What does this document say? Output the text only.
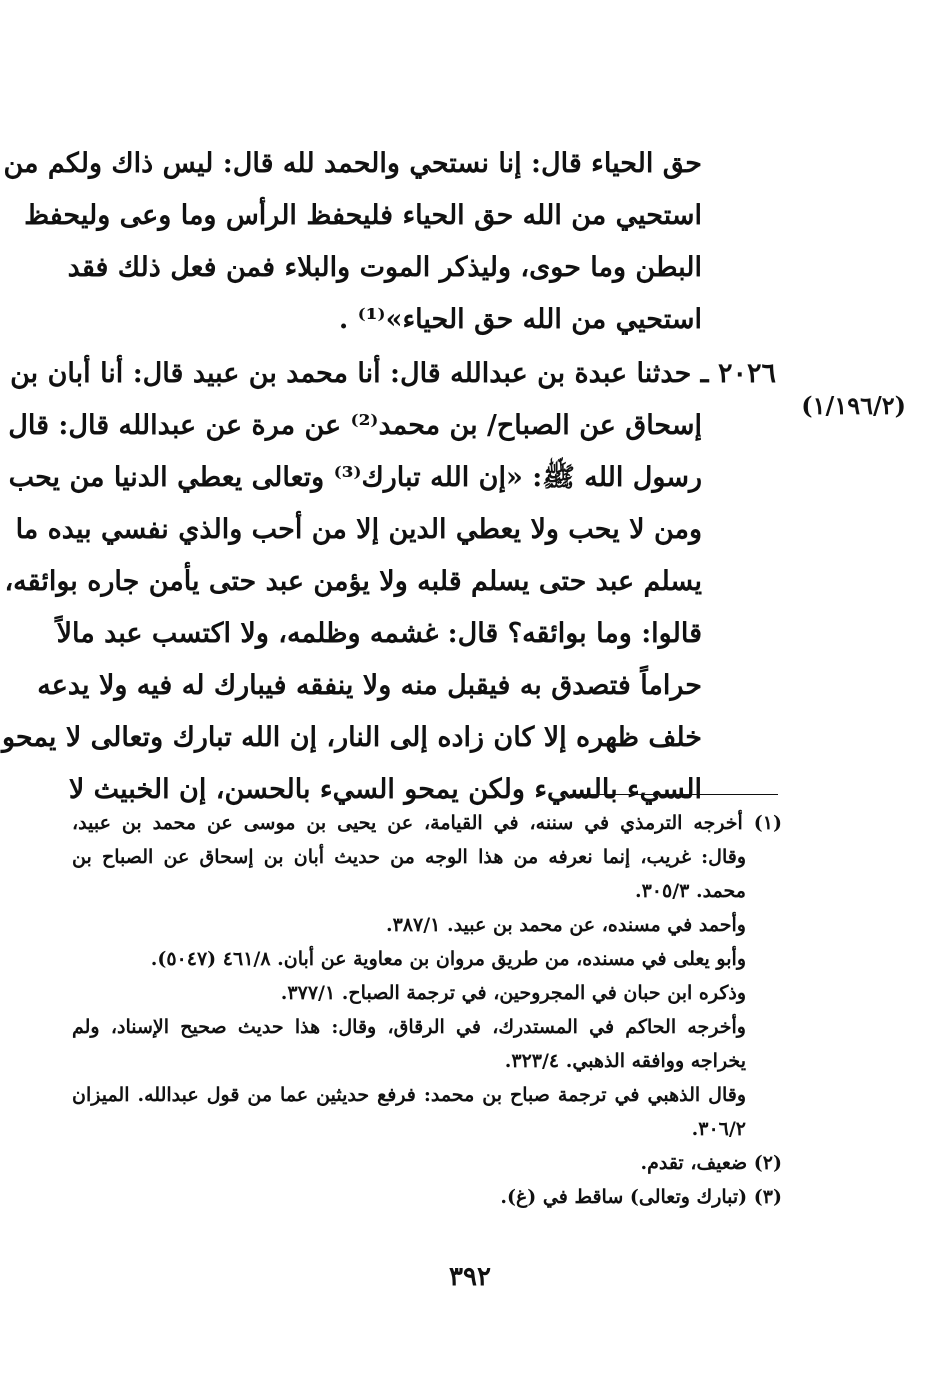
حق الحياء قال: إنا نستحي والحمد لله قال: ليس ذاك ولكم من
استحيي من الله حق الحياء فليحفظ الرأس وما وعى وليحفظ
البطن وما حوى، وليذكر الموت والبلاء فمن فعل ذلك فقد
استحيي من الله حق الحياء»⁽¹⁾ .
٢٠٢٦ ـ حدثنا عبدة بن عبدالله قال: أنا محمد بن عبيد قال: أنا أبان بن
إسحاق عن الصباح/ بن محمد⁽²⁾ عن مرة عن عبدالله قال: قال
رسول الله ﷺ: «إن الله تبارك⁽³⁾ وتعالى يعطي الدنيا من يحب
ومن لا يحب ولا يعطي الدين إلا من أحب والذي نفسي بيده ما
يسلم عبد حتى يسلم قلبه ولا يؤمن عبد حتى يأمن جاره بوائقه،
قالوا: وما بوائقه؟ قال: غشمه وظلمه، ولا اكتسب عبد مالاً
حراماً فتصدق به فيقبل منه ولا ينفقه فيبارك له فيه ولا يدعه
خلف ظهره إلا كان زاده إلى النار، إن الله تبارك وتعالى لا يمحو
السيء بالسيء ولكن يمحو السيء بالحسن، إن الخبيث لا
(١/١٩٦/٢)
(١) أخرجه الترمذي في سننه، في القيامة، عن يحيى بن موسى عن محمد بن عبيد،
وقال: غريب، إنما نعرفه من هذا الوجه من حديث أبان بن إسحاق عن الصباح بن
محمد. ٣٠٥/٣.
وأحمد في مسنده، عن محمد بن عبيد. ٣٨٧/١.
وأبو يعلى في مسنده، من طريق مروان بن معاوية عن أبان. ٤٦١/٨ (٥٠٤٧).
وذكره ابن حبان في المجروحين، في ترجمة الصباح. ٣٧٧/١.
وأخرجه الحاكم في المستدرك، في الرقاق، وقال: هذا حديث صحيح الإسناد، ولم
يخراجه ووافقه الذهبي. ٣٢٣/٤.
وقال الذهبي في ترجمة صباح بن محمد: فرفع حديثين عما من قول عبدالله. الميزان
٣٠٦/٢.
(٢) ضعيف، تقدم.
(٣) (تبارك وتعالى) ساقط في (غ).
٣٩٢
